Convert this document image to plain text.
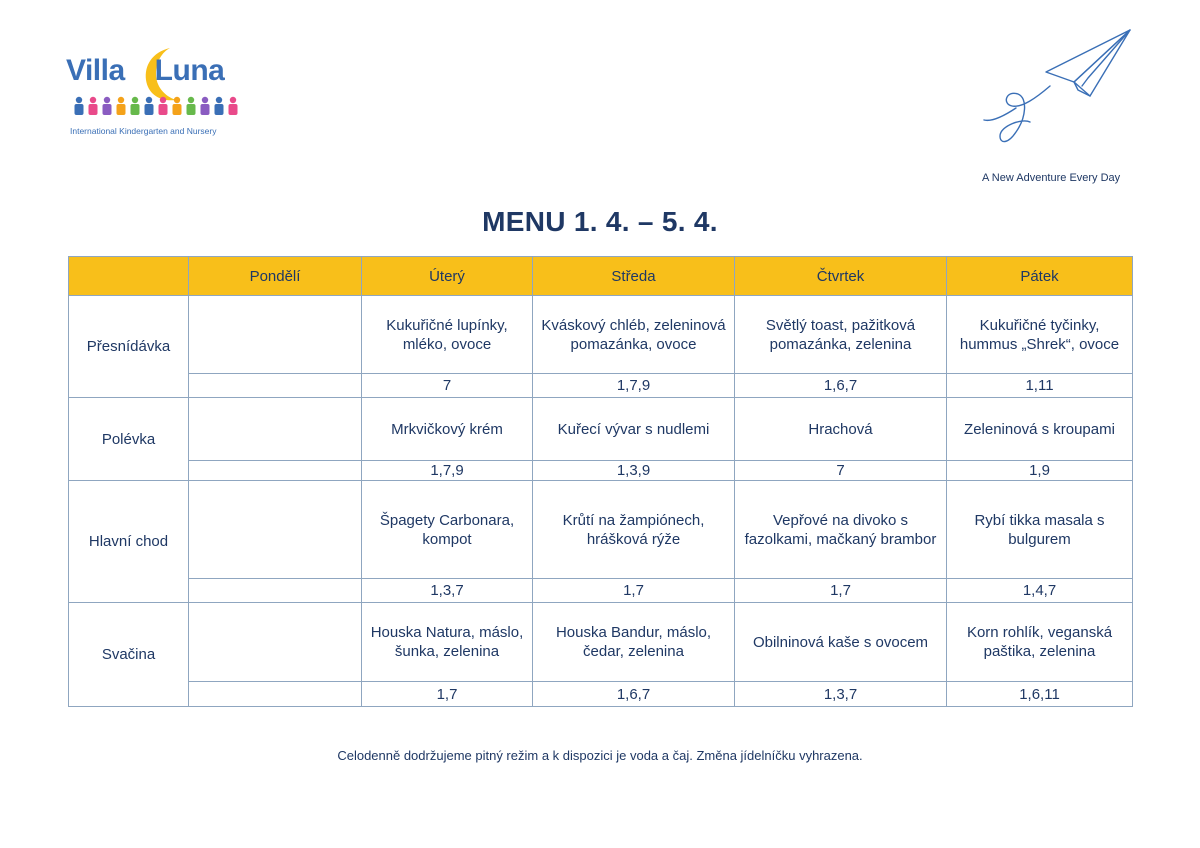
Villa Luna
International Kindergarten and Nursery
A New Adventure Every Day
MENU 1. 4. – 5. 4.
	Pondělí	Úterý	Středa	Čtvrtek	Pátek
Přesnídávka		Kukuřičné lupínky, mléko, ovoce	Kváskový chléb, zeleninová pomazánka, ovoce	Světlý toast, pažitková pomazánka, zelenina	Kukuřičné tyčinky, hummus „Shrek“, ovoce
		7	1,7,9	1,6,7	1,11
Polévka		Mrkvičkový krém	Kuřecí vývar s nudlemi	Hrachová	Zeleninová s kroupami
		1,7,9	1,3,9	7	1,9
Hlavní chod		Špagety Carbonara, kompot	Krůtí na žampiónech, hrášková rýže	Vepřové na divoko s fazolkami, mačkaný brambor	Rybí tikka masala s bulgurem
		1,3,7	1,7	1,7	1,4,7
Svačina		Houska Natura, máslo, šunka, zelenina	Houska Bandur, máslo, čedar, zelenina	Obilninová kaše s ovocem	Korn rohlík, veganská paštika, zelenina
		1,7	1,6,7	1,3,7	1,6,11
Celodenně dodržujeme pitný režim a k dispozici je voda a čaj. Změna jídelníčku vyhrazena.
